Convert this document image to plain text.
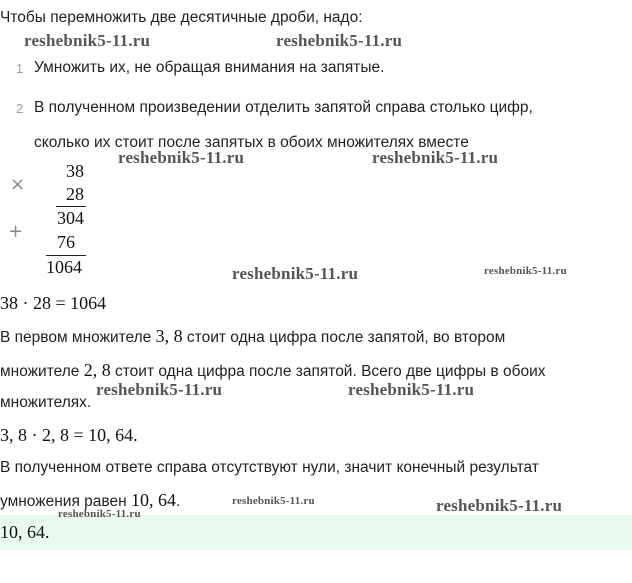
Чтобы перемножить две десятичные дроби, надо:
1 Умножить их, не обращая внимания на запятые.
2 В полученном произведении отделить запятой справа столько цифр,
сколько их стоит после запятых в обоих множителях вместе
×
38
28
304
+ 76
1064
38 · 28 = 1064
В первом множителе 3, 8 стоит одна цифра после запятой, во втором
множителе 2, 8 стоит одна цифра после запятой. Всего две цифры в обоих
множителях.
3, 8 · 2, 8 = 10, 64.
В полученном ответе справа отсутствуют нули, значит конечный результат
умножения равен 10, 64.
10, 64.
reshebnik5-11.ru	reshebnik5-11.ru
reshebnik5-11.ru	reshebnik5-11.ru
reshebnik5-11.ru	reshebnik5-11.ru
reshebnik5-11.ru	reshebnik5-11.ru
reshebnik5-11.ru	reshebnik5-11.ru
reshebnik5-11.ru
